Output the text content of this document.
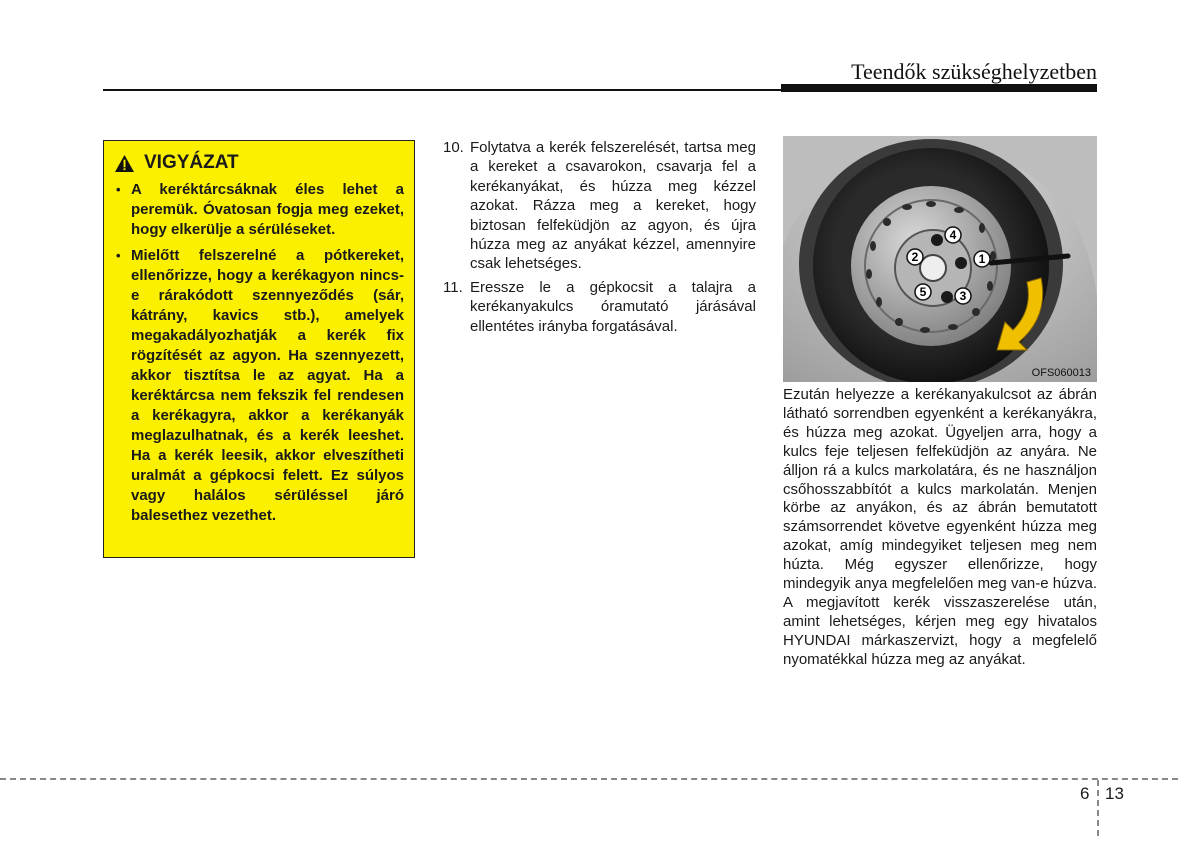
Teendők szükséghelyzetben
VIGYÁZAT
• A keréktárcsáknak éles lehet a peremük. Óvatosan fogja meg ezeket, hogy elkerülje a sérüléseket.
• Mielőtt felszerelné a pótkereket, ellenőrizze, hogy a kerékagyon nincs-e rárakódott szennyeződés (sár, kátrány, kavics stb.), amelyek megakadályozhatják a kerék fix rögzítését az agyon. Ha szennyezett, akkor tisztítsa le az agyat. Ha a keréktárcsa nem fekszik fel rendesen a kerékagyra, akkor a kerékanyák meglazulhatnak, és a kerék leeshet. Ha a kerék leesik, akkor elveszítheti uralmát a gépkocsi felett. Ez súlyos vagy halálos sérüléssel járó balesethez vezethet.
10. Folytatva a kerék felszerelését, tartsa meg a kereket a csavarokon, csavarja fel a kerékanyákat, és húzza meg kézzel azokat. Rázza meg a kereket, hogy biztosan felfeküdjön az agyon, és újra húzza meg az anyákat kézzel, amennyire csak lehetséges.
11. Eressze le a gépkocsit a talajra a kerékanyakulcs óramutató járásával ellentétes irányba forgatásával.
1
2
3
4
5
OFS060013
Ezután helyezze a kerékanyakulcsot az ábrán látható sorrendben egyenként a kerékanyákra, és húzza meg azokat. Ügyeljen arra, hogy a kulcs feje teljesen felfeküdjön az anyára. Ne álljon rá a kulcs markolatára, és ne használjon csőhosszabbítót a kulcs markolatán. Menjen körbe az anyákon, és az ábrán bemutatott számsorrendet követve egyenként húzza meg azokat, amíg mindegyiket teljesen meg nem húzta. Még egyszer ellenőrizze, hogy mindegyik anya megfelelően meg van-e húzva. A megjavított kerék visszaszerelése után, amint lehetséges, kérjen meg egy hivatalos HYUNDAI márkaszervizt, hogy a megfelelő nyomatékkal húzza meg az anyákat.
6 13
